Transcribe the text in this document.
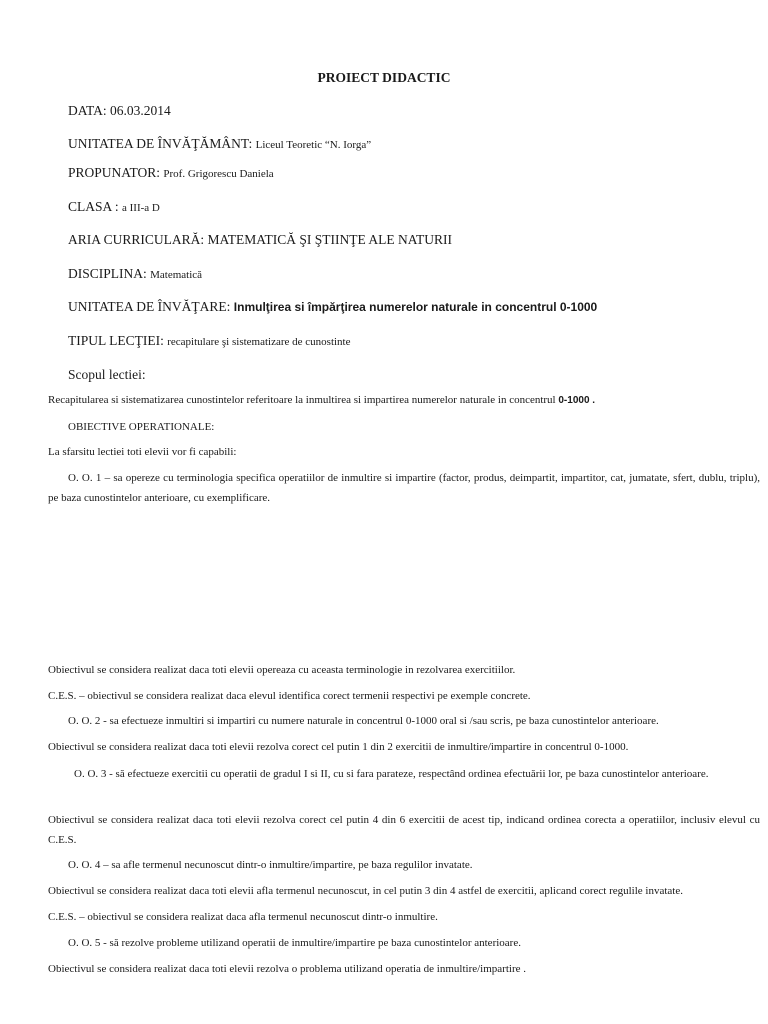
PROIECT DIDACTIC
DATA: 06.03.2014
UNITATEA DE ÎNVĂŢĂMÂNT: Liceul Teoretic “N. Iorga”
PROPUNATOR: Prof. Grigorescu Daniela
CLASA : a III-a D
ARIA CURRICULARĂ: MATEMATICĂ ŞI ŞTIINŢE ALE NATURII
DISCIPLINA: Matematică
UNITATEA DE ÎNVĂŢARE: Inmulţirea si împărţirea numerelor naturale in concentrul 0-1000
TIPUL LECŢIEI: recapitulare şi sistematizare de cunostinte
Scopul lectiei:
Recapitularea si sistematizarea cunostintelor referitoare la inmultirea si impartirea numerelor naturale in concentrul 0-1000 .
OBIECTIVE OPERATIONALE:
La sfarsitu lectiei toti elevii vor fi capabili:
O. O. 1 – sa opereze cu terminologia specifica operatiilor de inmultire si impartire (factor, produs, deimpartit, impartitor, cat, jumatate, sfert, dublu, triplu), pe baza cunostintelor anterioare, cu exemplificare.
Obiectivul se considera realizat daca toti elevii opereaza cu aceasta terminologie in rezolvarea exercitiilor.
C.E.S. – obiectivul se considera realizat daca elevul identifica corect termenii respectivi pe exemple concrete.
O. O. 2 - sa efectueze inmultiri si impartiri cu numere naturale in concentrul 0-1000 oral si /sau scris, pe baza cunostintelor anterioare.
Obiectivul se considera realizat daca toti elevii rezolva corect cel putin 1 din 2 exercitii de inmultire/impartire in concentrul 0-1000.
O. O. 3 - să efectueze exercitii cu operatii de gradul I si II, cu si fara parateze, respectând ordinea efectuării lor, pe baza cunostintelor anterioare.
Obiectivul se considera realizat daca toti elevii rezolva corect cel putin 4 din 6 exercitii de acest tip, indicand ordinea corecta a operatiilor, inclusiv elevul cu C.E.S.
O. O. 4 – sa afle termenul necunoscut dintr-o inmultire/impartire, pe baza regulilor invatate.
Obiectivul se considera realizat daca toti elevii afla termenul necunoscut, in cel putin 3 din 4 astfel de exercitii, aplicand corect regulile invatate.
C.E.S. – obiectivul se considera realizat daca afla termenul necunoscut dintr-o inmultire.
O. O. 5 - să rezolve probleme utilizand operatii de inmultire/impartire pe baza cunostintelor anterioare.
Obiectivul se considera realizat daca toti elevii rezolva o problema utilizand operatia de inmultire/impartire .
